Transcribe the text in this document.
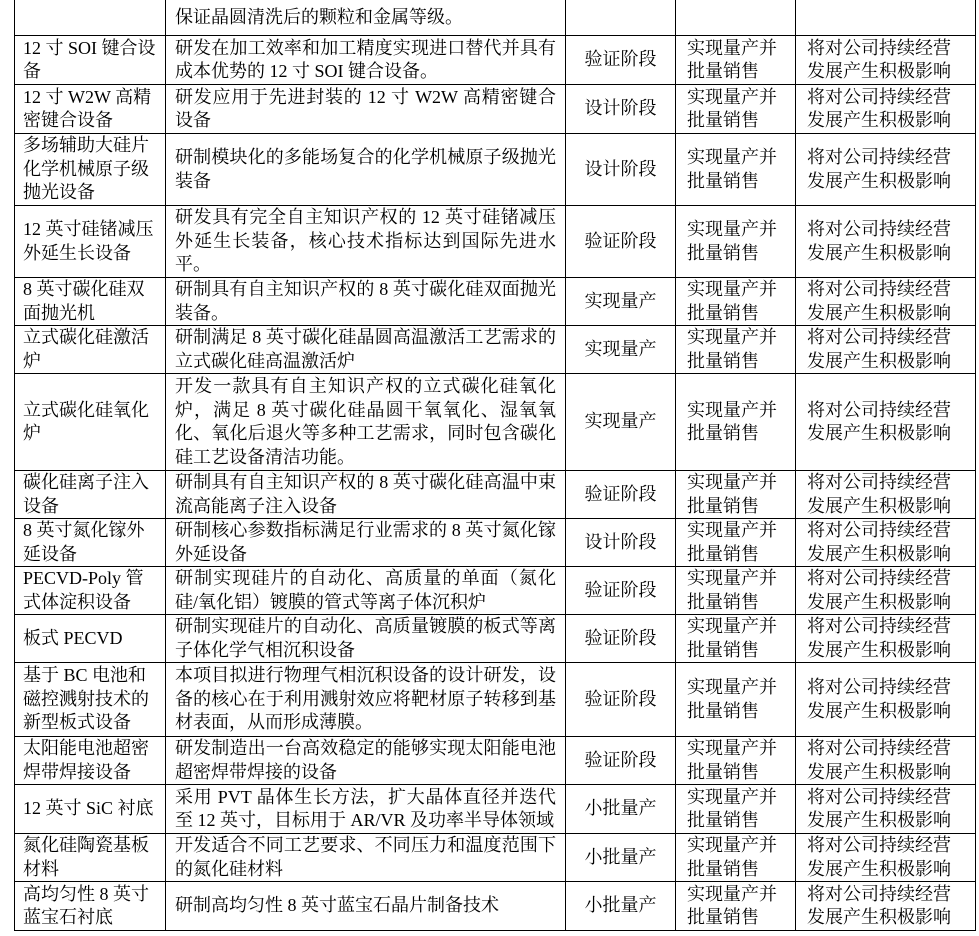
保证晶圆清洗后的颗粒和金属等级。
12 寸 SOI 键合设备
研发在加工效率和加工精度实现进口替代并具有成本优势的 12 寸 SOI 键合设备。
验证阶段
实现量产并批量销售
将对公司持续经营发展产生积极影响
12 寸 W2W 高精密键合设备
研发应用于先进封装的 12 寸 W2W 高精密键合设备
设计阶段
实现量产并批量销售
将对公司持续经营发展产生积极影响
多场辅助大硅片化学机械原子级抛光设备
研制模块化的多能场复合的化学机械原子级抛光装备
设计阶段
实现量产并批量销售
将对公司持续经营发展产生积极影响
12 英寸硅锗减压外延生长设备
研发具有完全自主知识产权的 12 英寸硅锗减压外延生长装备，核心技术指标达到国际先进水平。
验证阶段
实现量产并批量销售
将对公司持续经营发展产生积极影响
8 英寸碳化硅双面抛光机
研制具有自主知识产权的 8 英寸碳化硅双面抛光装备。
实现量产
实现量产并批量销售
将对公司持续经营发展产生积极影响
立式碳化硅激活炉
研制满足 8 英寸碳化硅晶圆高温激活工艺需求的立式碳化硅高温激活炉
实现量产
实现量产并批量销售
将对公司持续经营发展产生积极影响
立式碳化硅氧化炉
开发一款具有自主知识产权的立式碳化硅氧化炉，满足 8 英寸碳化硅晶圆干氧氧化、湿氧氧化、氧化后退火等多种工艺需求，同时包含碳化硅工艺设备清洁功能。
实现量产
实现量产并批量销售
将对公司持续经营发展产生积极影响
碳化硅离子注入设备
研制具有自主知识产权的 8 英寸碳化硅高温中束流高能离子注入设备
验证阶段
实现量产并批量销售
将对公司持续经营发展产生积极影响
8 英寸氮化镓外延设备
研制核心参数指标满足行业需求的 8 英寸氮化镓外延设备
设计阶段
实现量产并批量销售
将对公司持续经营发展产生积极影响
PECVD-Poly 管式体淀积设备
研制实现硅片的自动化、高质量的单面（氮化硅/氧化铝）镀膜的管式等离子体沉积炉
验证阶段
实现量产并批量销售
将对公司持续经营发展产生积极影响
板式 PECVD
研制实现硅片的自动化、高质量镀膜的板式等离子体化学气相沉积设备
验证阶段
实现量产并批量销售
将对公司持续经营发展产生积极影响
基于 BC 电池和磁控溅射技术的新型板式设备
本项目拟进行物理气相沉积设备的设计研发，设备的核心在于利用溅射效应将靶材原子转移到基材表面，从而形成薄膜。
验证阶段
实现量产并批量销售
将对公司持续经营发展产生积极影响
太阳能电池超密焊带焊接设备
研发制造出一台高效稳定的能够实现太阳能电池超密焊带焊接的设备
验证阶段
实现量产并批量销售
将对公司持续经营发展产生积极影响
12 英寸 SiC 衬底
采用 PVT 晶体生长方法，扩大晶体直径并迭代至 12 英寸，目标用于 AR/VR 及功率半导体领域
小批量产
实现量产并批量销售
将对公司持续经营发展产生积极影响
氮化硅陶瓷基板材料
开发适合不同工艺要求、不同压力和温度范围下的氮化硅材料
小批量产
实现量产并批量销售
将对公司持续经营发展产生积极影响
高均匀性 8 英寸蓝宝石衬底
研制高均匀性 8 英寸蓝宝石晶片制备技术	小批量产
实现量产并批量销售
将对公司持续经营发展产生积极影响
